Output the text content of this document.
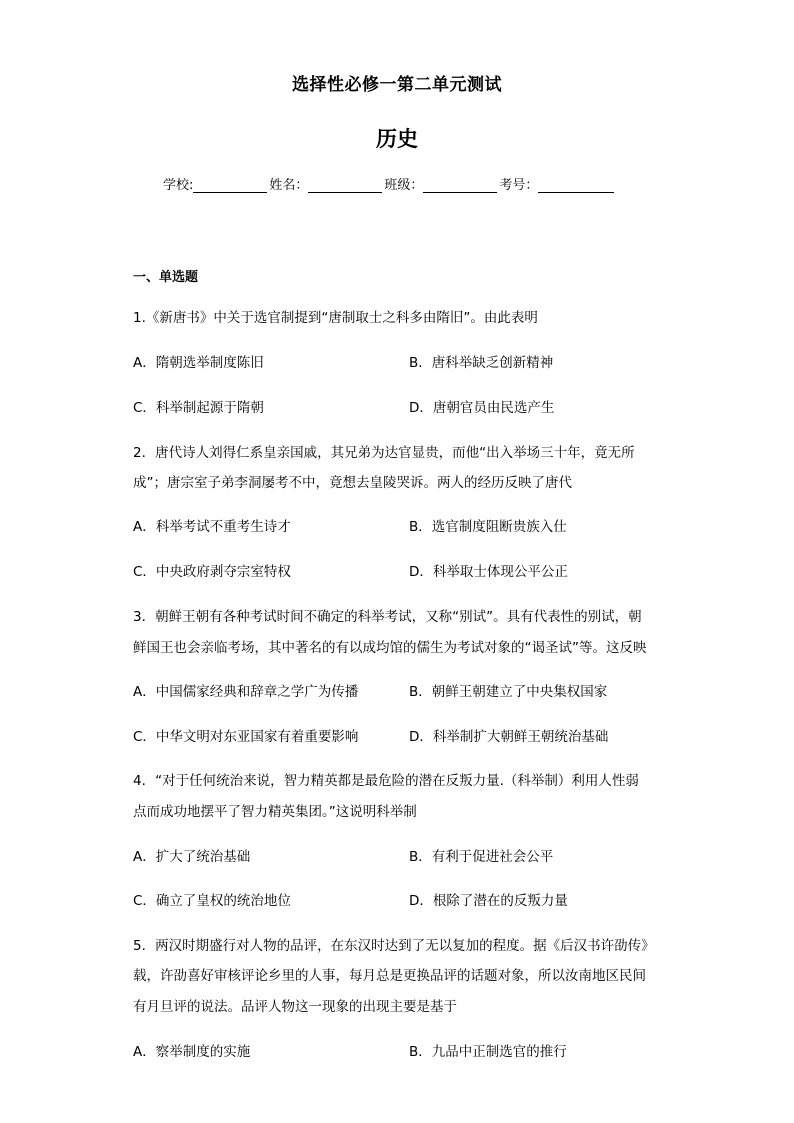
选择性必修一第二单元测试
历史
学校:	姓名：	班级：	考号：
一、单选题
1.《新唐书》中关于选官制提到“唐制取士之科多由隋旧”。由此表明
A．隋朝选举制度陈旧	B．唐科举缺乏创新精神
C．科举制起源于隋朝	D．唐朝官员由民选产生
2．唐代诗人刘得仁系皇亲国戚，其兄弟为达官显贵，而他“出入举场三十年，竟无所
成”；唐宗室子弟李洞屡考不中，竟想去皇陵哭诉。两人的经历反映了唐代
A．科举考试不重考生诗才	B．选官制度阻断贵族入仕
C．中央政府剥夺宗室特权	D．科举取士体现公平公正
3．朝鲜王朝有各种考试时间不确定的科举考试，又称“别试”。具有代表性的别试，朝
鲜国王也会亲临考场，其中著名的有以成均馆的儒生为考试对象的“谒圣试”等。这反映
A．中国儒家经典和辞章之学广为传播	B．朝鲜王朝建立了中央集权国家
C．中华文明对东亚国家有着重要影响	D．科举制扩大朝鲜王朝统治基础
4．“对于任何统治来说，智力精英都是最危险的潜在反叛力量.（科举制）利用人性弱
点而成功地摆平了智力精英集团。”这说明科举制
A．扩大了统治基础	B．有利于促进社会公平
C．确立了皇权的统治地位	D．根除了潜在的反叛力量
5．两汉时期盛行对人物的品评，在东汉时达到了无以复加的程度。据《后汉书许劭传》
载，许劭喜好审核评论乡里的人事，每月总是更换品评的话题对象，所以汝南地区民间
有月旦评的说法。品评人物这一现象的出现主要是基于
A．察举制度的实施	B．九品中正制选官的推行
